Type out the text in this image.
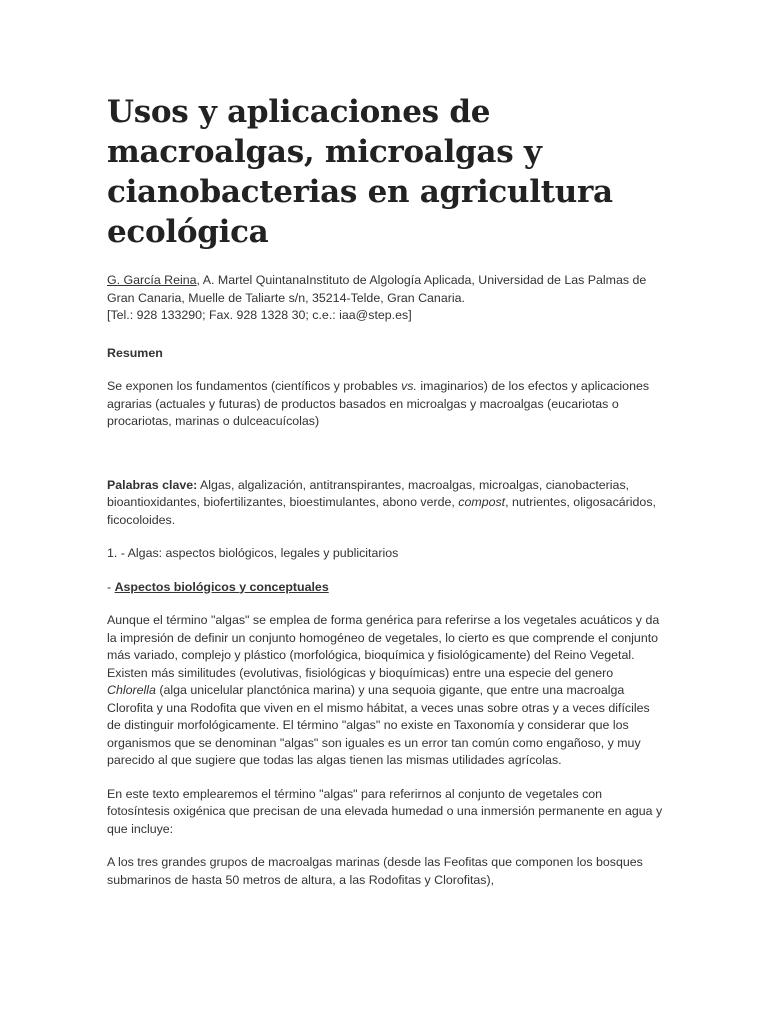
Usos y aplicaciones de macroalgas, microalgas y cianobacterias en agricultura ecológica

G. García Reina, A. Martel QuintanaInstituto de Algología Aplicada, Universidad de Las Palmas de Gran Canaria, Muelle de Taliarte s/n, 35214-Telde, Gran Canaria.
[Tel.: 928 133290; Fax. 928 1328 30; c.e.: iaa@step.es]

Resumen

Se exponen los fundamentos (científicos y probables vs. imaginarios) de los efectos y aplicaciones agrarias (actuales y futuras) de productos basados en microalgas y macroalgas (eucariotas o procariotas, marinas o dulceacuícolas)

Palabras clave: Algas, algalización, antitranspirantes, macroalgas, microalgas, cianobacterias, bioantioxidantes, biofertilizantes, bioestimulantes, abono verde, compost, nutrientes, oligosacáridos, ficocoloides.

1. - Algas: aspectos biológicos, legales y publicitarios

- Aspectos biológicos y conceptuales

Aunque el término "algas" se emplea de forma genérica para referirse a los vegetales acuáticos y da la impresión de definir un conjunto homogéneo de vegetales, lo cierto es que comprende el conjunto más variado, complejo y plástico (morfológica, bioquímica y fisiológicamente) del Reino Vegetal. Existen más similitudes (evolutivas, fisiológicas y bioquímicas) entre una especie del genero Chlorella (alga unicelular planctónica marina) y una sequoia gigante, que entre una macroalga Clorofita y una Rodofita que viven en el mismo hábitat, a veces unas sobre otras y a veces difíciles de distinguir morfológicamente. El término "algas" no existe en Taxonomía y considerar que los organismos que se denominan "algas" son iguales es un error tan común como engañoso, y muy parecido al que sugiere que todas las algas tienen las mismas utilidades agrícolas.

En este texto emplearemos el término "algas" para referirnos al conjunto de vegetales con fotosíntesis oxigénica que precisan de una elevada humedad o una inmersión permanente en agua y que incluye:

A los tres grandes grupos de macroalgas marinas (desde las Feofitas que componen los bosques submarinos de hasta 50 metros de altura, a las Rodofitas y Clorofitas),
